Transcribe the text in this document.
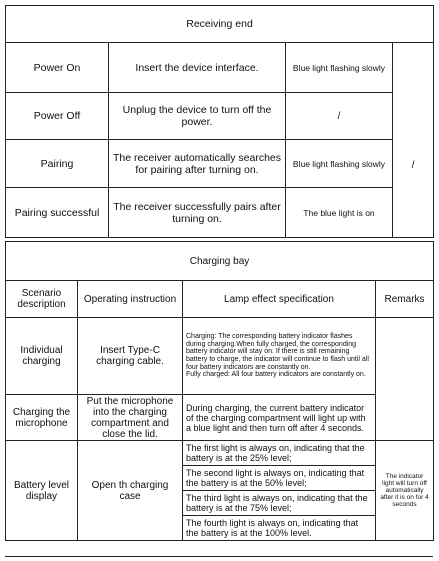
Receiving end			
Power On	Insert the device interface.	Blue light flashing slowly	
Power Off	Unplug the device to turn off the power.	/	/
Pairing	The receiver automatically searches for pairing after turning on.	Blue light flashing slowly	
Pairing successful	The receiver successfully pairs after turning on.	The blue light is on	
Charging bay			
Scenario description	Operating instruction	Lamp effect specification	Remarks
Individual charging	Insert Type-C charging cable.	Charging: The corresponding battery indicator flashes during charging.When fully charged, the corresponding battery indicator will stay on. If there is still remaining battery to charge, the indicator will continue to flash until all four battery indicators are constantly on.
Fully charged: All four battery indicators are constantly on.	
Charging the microphone	Put the microphone into the charging compartment and close the lid.	During charging, the current battery indicator of the charging compartment will light up with a blue light and then turn off after 4 seconds.	
Battery level display	Open th charging case	The first light is always on, indicating that the battery is at the 25% level;	The indicator light will turn off automatically after it is on for 4 seconds
		The second light is always on, indicating that the battery is at the 50% level;	
		The third light is always on, indicating that the battery is at the 75% level;	
		The fourth light is always on, indicating that the battery is at the 100% level.	
